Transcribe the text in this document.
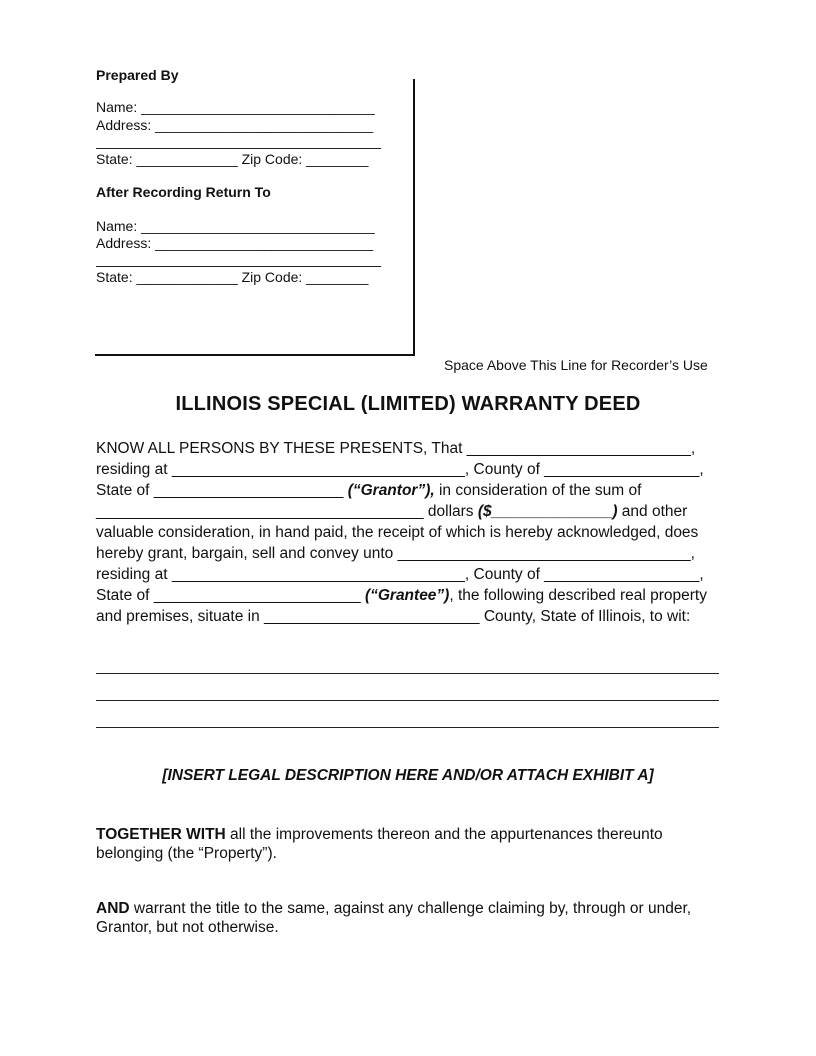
Prepared By
Name: ______________________________
Address: ____________________________
State: _____________ Zip Code: ________
After Recording Return To
Name: ______________________________
Address: ____________________________
State: _____________ Zip Code: ________
Space Above This Line for Recorder’s Use
ILLINOIS SPECIAL (LIMITED) WARRANTY DEED
KNOW ALL PERSONS BY THESE PRESENTS, That __________________________,
residing at __________________________________, County of __________________,
State of ______________________ (“Grantor”), in consideration of the sum of
______________________________________ dollars ($______________) and other
valuable consideration, in hand paid, the receipt of which is hereby acknowledged, does
hereby grant, bargain, sell and convey unto __________________________________,
residing at __________________________________, County of __________________,
State of ________________________ (“Grantee”), the following described real property
and premises, situate in _________________________ County, State of Illinois, to wit:
[INSERT LEGAL DESCRIPTION HERE AND/OR ATTACH EXHIBIT A]
TOGETHER WITH all the improvements thereon and the appurtenances thereunto belonging (the “Property”).
AND warrant the title to the same, against any challenge claiming by, through or under, Grantor, but not otherwise.
